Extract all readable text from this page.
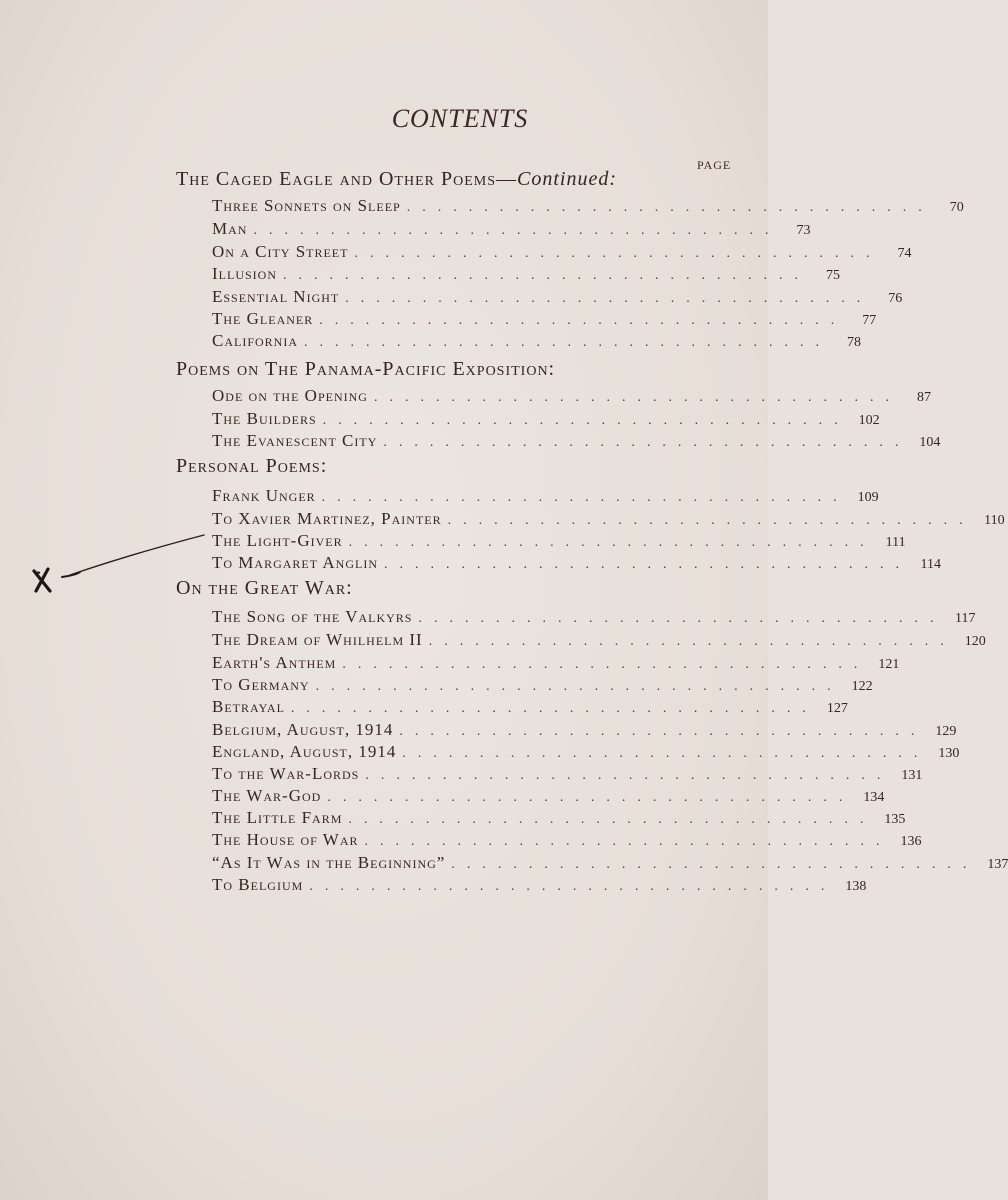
CONTENTS
PAGE
The Caged Eagle and Other Poems—Continued:
Three Sonnets on Sleep ..................................	70
Man ..................................	73
On a City Street ..................................	74
Illusion ..................................	75
Essential Night ..................................	76
The Gleaner ..................................	77
California ..................................	78
Poems on The Panama-Pacific Exposition:
Ode on the Opening ..................................	87
The Builders .................................. 102
The Evanescent City .................................. 104
Personal Poems:
Frank Unger .................................. 109
To Xavier Martinez, Painter .................................. 110
The Light-Giver .................................. 111
To Margaret Anglin .................................. 114
On the Great War:
The Song of the Valkyrs .................................. 117
The Dream of Whilhelm II .................................. 120
Earth's Anthem .................................. 121
To Germany .................................. 122
Betrayal .................................. 127
Belgium, August, 1914 .................................. 129
England, August, 1914 .................................. 130
To the War-Lords .................................. 131
The War-God .................................. 134
The Little Farm .................................. 135
The House of War .................................. 136
“As It Was in the Beginning” .................................. 137
To Belgium .................................. 138
